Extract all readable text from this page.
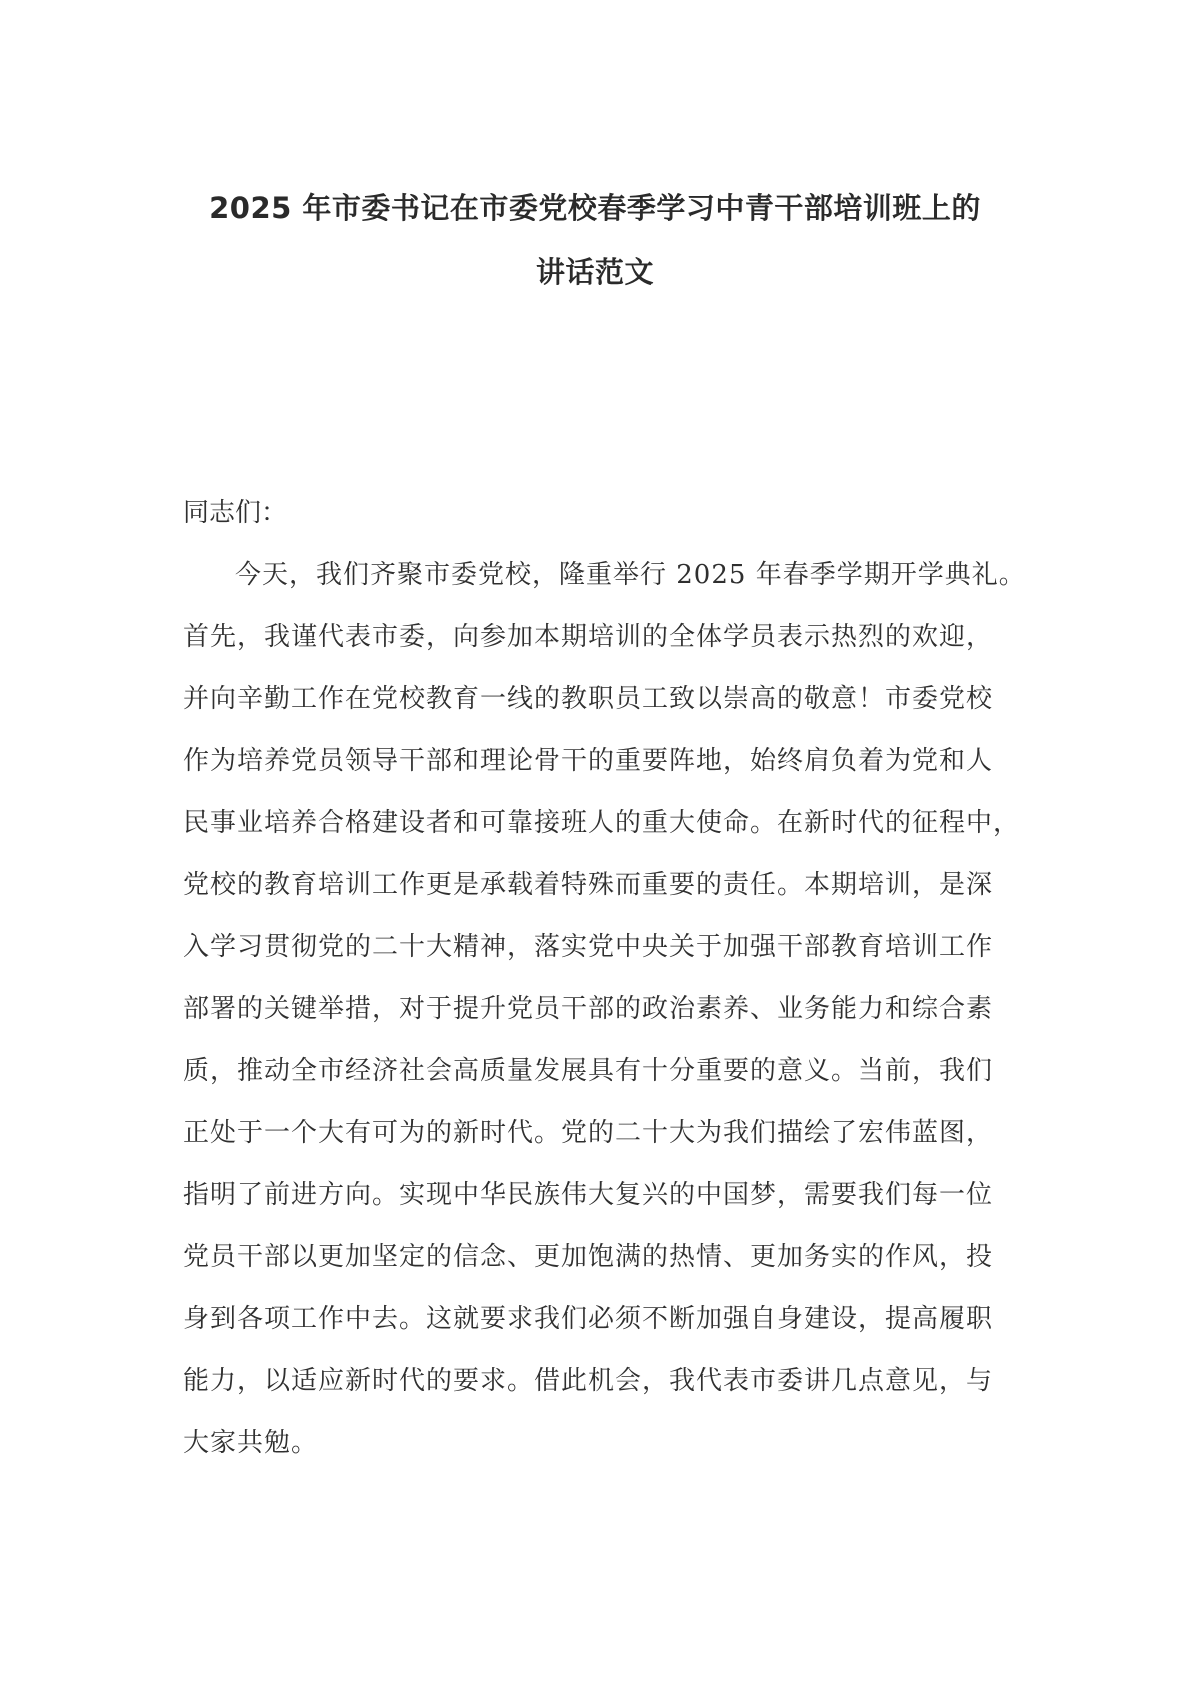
2025 年市委书记在市委党校春季学习中青干部培训班上的
讲话范文

同志们：

今天，我们齐聚市委党校，隆重举行 2025 年春季学期开学典礼。
首先，我谨代表市委，向参加本期培训的全体学员表示热烈的欢迎，
并向辛勤工作在党校教育一线的教职员工致以崇高的敬意！市委党校
作为培养党员领导干部和理论骨干的重要阵地，始终肩负着为党和人
民事业培养合格建设者和可靠接班人的重大使命。在新时代的征程中，
党校的教育培训工作更是承载着特殊而重要的责任。本期培训，是深
入学习贯彻党的二十大精神，落实党中央关于加强干部教育培训工作
部署的关键举措，对于提升党员干部的政治素养、业务能力和综合素
质，推动全市经济社会高质量发展具有十分重要的意义。当前，我们
正处于一个大有可为的新时代。党的二十大为我们描绘了宏伟蓝图，
指明了前进方向。实现中华民族伟大复兴的中国梦，需要我们每一位
党员干部以更加坚定的信念、更加饱满的热情、更加务实的作风，投
身到各项工作中去。这就要求我们必须不断加强自身建设，提高履职
能力，以适应新时代的要求。借此机会，我代表市委讲几点意见，与
大家共勉。
